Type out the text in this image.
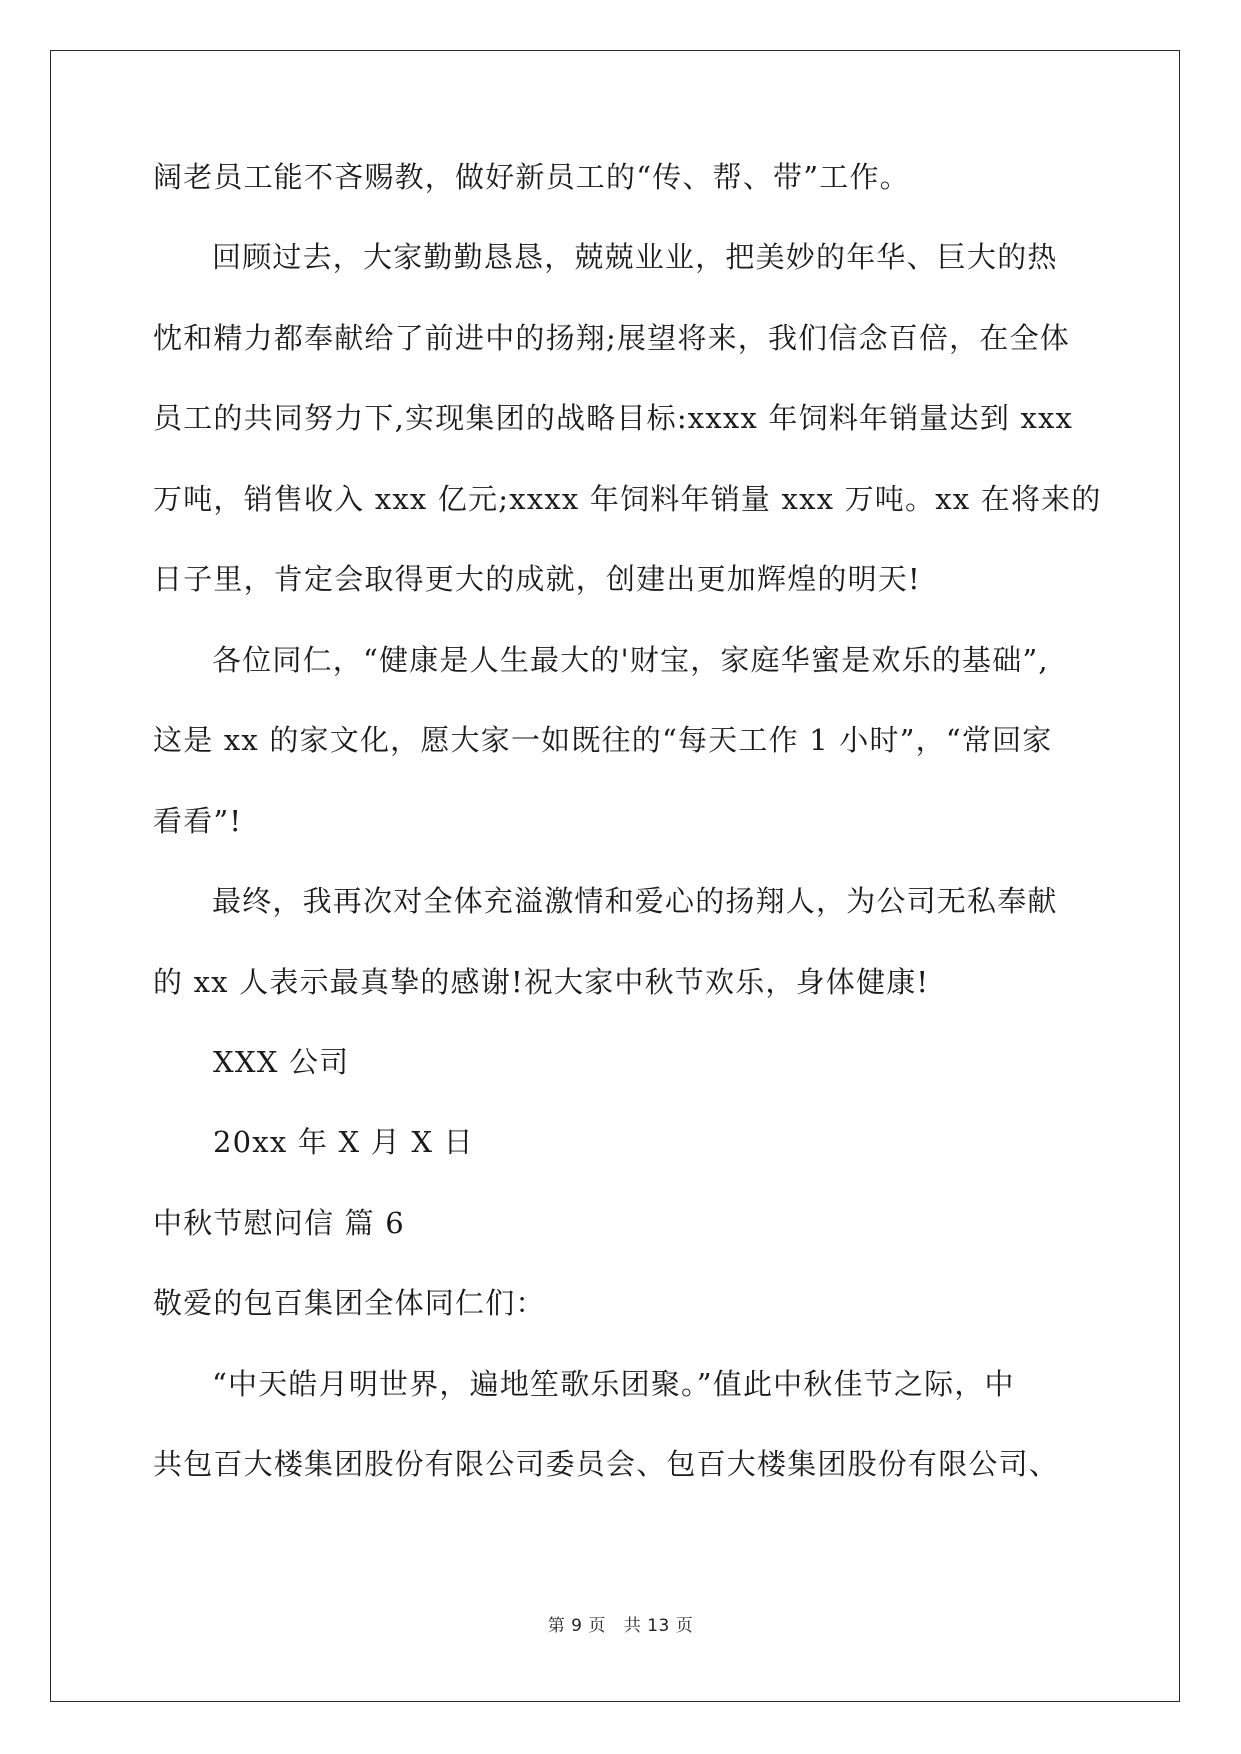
阔老员工能不吝赐教，做好新员工的“传、帮、带”工作。
回顾过去，大家勤勤恳恳，兢兢业业，把美妙的年华、巨大的热
忱和精力都奉献给了前进中的扬翔;展望将来，我们信念百倍，在全体
员工的共同努力下,实现集团的战略目标:xxxx 年饲料年销量达到 xxx
万吨，销售收入 xxx 亿元;xxxx 年饲料年销量 xxx 万吨。xx 在将来的
日子里，肯定会取得更大的成就，创建出更加辉煌的明天!
各位同仁，“健康是人生最大的'财宝，家庭华蜜是欢乐的基础”,
这是 xx 的家文化，愿大家一如既往的“每天工作 1 小时”，“常回家
看看”!
最终，我再次对全体充溢激情和爱心的扬翔人，为公司无私奉献
的 xx 人表示最真挚的感谢!祝大家中秋节欢乐，身体健康!
XXX 公司
20xx 年 X 月 X 日
中秋节慰问信 篇 6
敬爱的包百集团全体同仁们：
“中天皓月明世界，遍地笙歌乐团聚。”值此中秋佳节之际，中
共包百大楼集团股份有限公司委员会、包百大楼集团股份有限公司、
第 9 页 共 13 页
